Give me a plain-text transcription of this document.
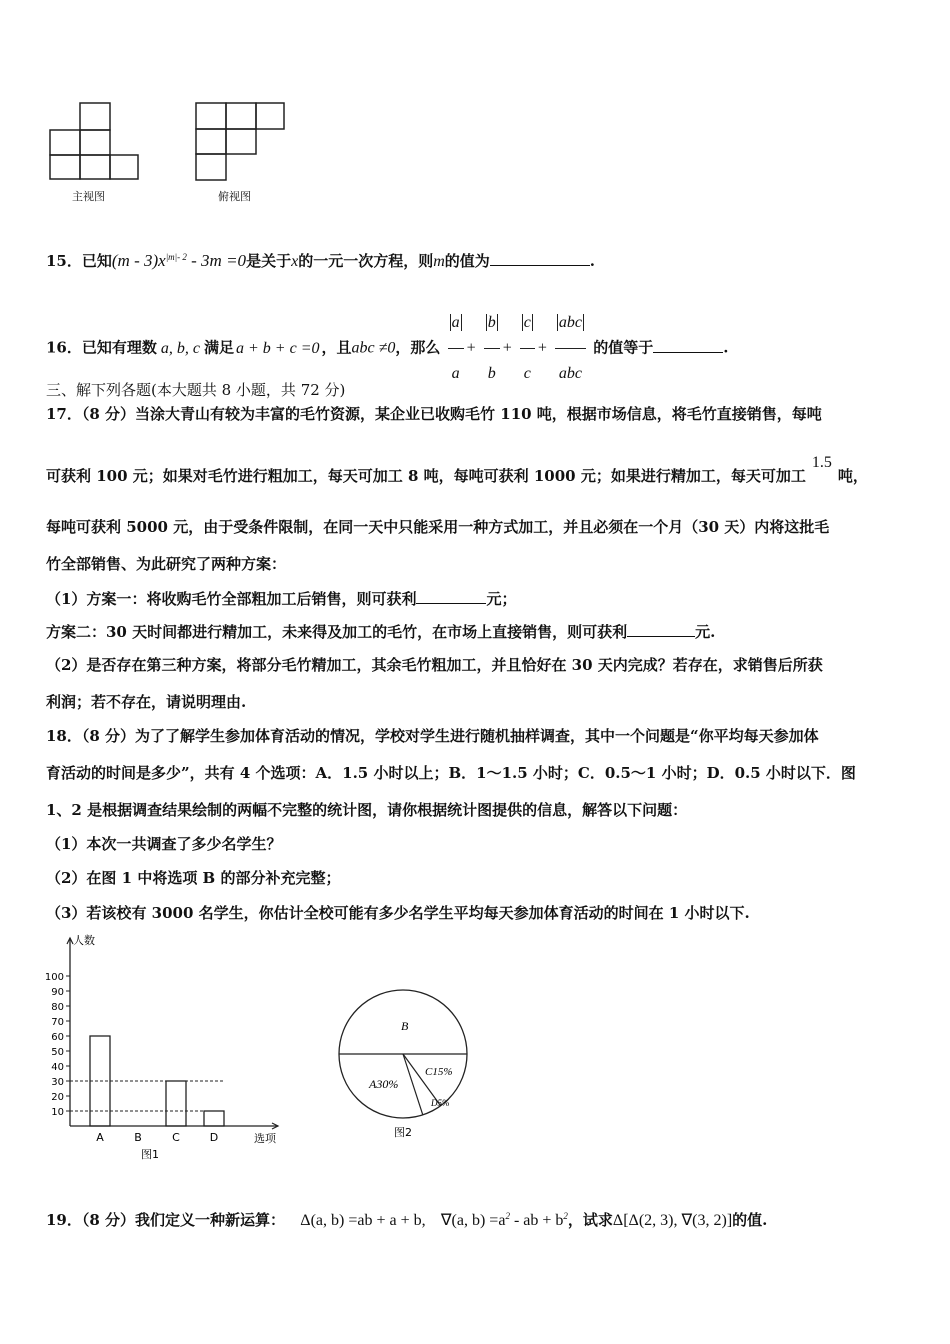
主视图	俯视图
15．已知$(m - 3)x^{|m|- 2} - 3m =0$是关于x的一元一次方程，则m的值为	.
16．已知有理数 a, b, c 满足 a + b + c =0 ，且abc ≠0，那么 $\frac{a}{a} + \frac{b}{b} + \frac{c}{c} + \frac{\text{abc}}{\text{abc}}$ 的值等于	.
三、解下列各题(本大题共 8 小题，共 72 分)
17．（8 分）当涂大青山有较为丰富的毛竹资源，某企业已收购毛竹 110 吨，根据市场信息，将毛竹直接销售，每吨
可获利 100 元；如果对毛竹进行粗加工，每天可加工 8 吨，每吨可获利 1000 元；如果进行精加工，每天可加工1.5吨，
每吨可获利 5000 元，由于受条件限制，在同一天中只能采用一种方式加工，并且必须在一个月（30 天）内将这批毛
竹全部销售、为此研究了两种方案：
（1）方案一：将收购毛竹全部粗加工后销售，则可获利	元；
方案二：30 天时间都进行精加工，未来得及加工的毛竹，在市场上直接销售，则可获利	元.
（2）是否存在第三种方案，将部分毛竹精加工，其余毛竹粗加工，并且恰好在 30 天内完成？若存在，求销售后所获
利润；若不存在，请说明理由.
18．（8 分）为了了解学生参加体育活动的情况，学校对学生进行随机抽样调查，其中一个问题是“你平均每天参加体
育活动的时间是多少”，共有 4 个选项：A．1.5 小时以上；B．1～1.5 小时；C．0.5～1 小时；D．0.5 小时以下．图
1、2 是根据调查结果绘制的两幅不完整的统计图，请你根据统计图提供的信息，解答以下问题：
（1）本次一共调查了多少名学生？
（2）在图 1 中将选项 B 的部分补充完整；
（3）若该校有 3000 名学生，你估计全校可能有多少名学生平均每天参加体育活动的时间在 1 小时以下.
人数
选项
10
20
30
40
50
60
70
80
90
100
A	B	C	D
图1
B
A30%
C15%
D5%
图2
19．（8 分）我们定义一种新运算： Δ(a, b) =ab + a + b, ∇(a, $b) =a^2$ - ab + $b^2$，试求Δ[Δ(2, 3), ∇(3, 2)]的值.
